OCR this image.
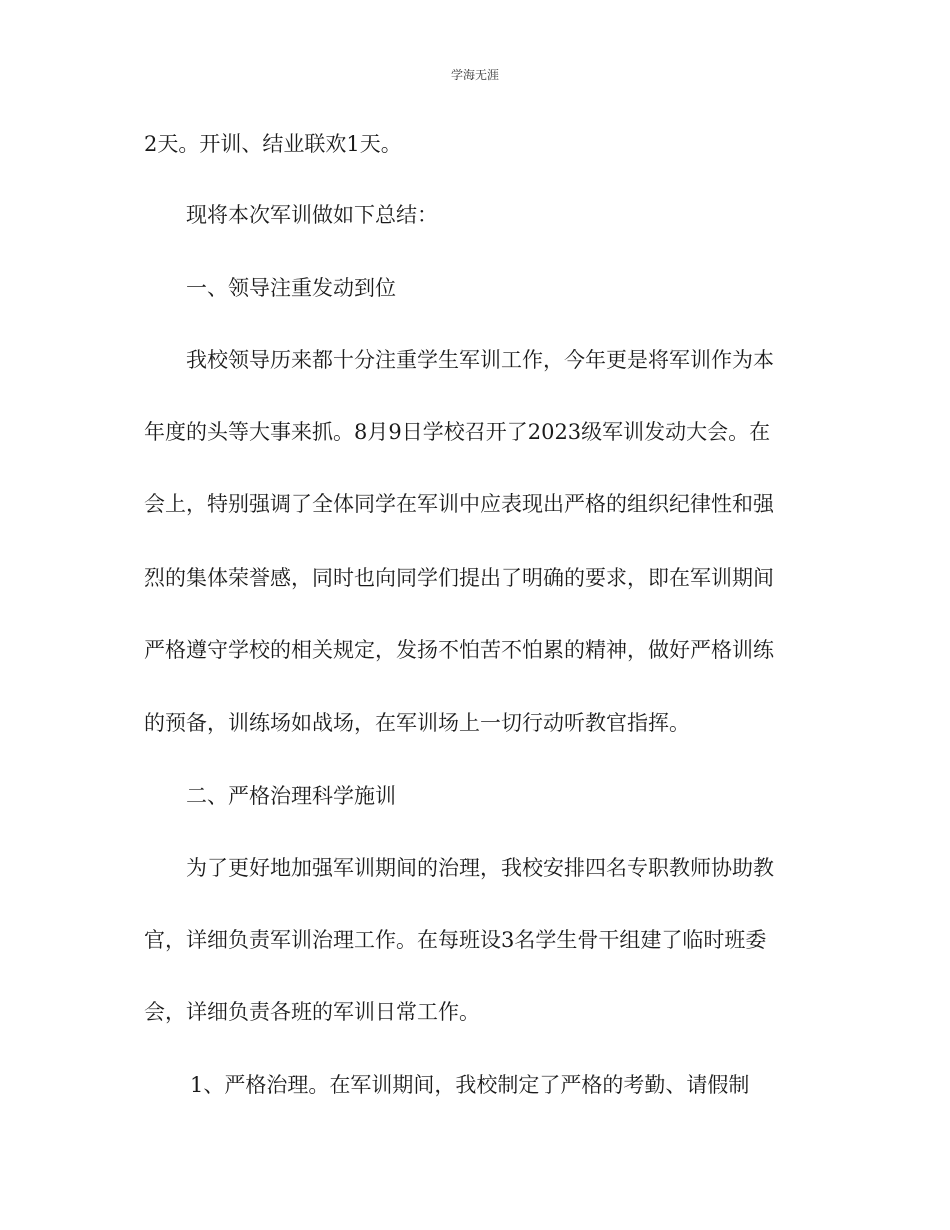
学海无涯
2天。开训、结业联欢1天。
现将本次军训做如下总结：
一、领导注重发动到位
我校领导历来都十分注重学生军训工作，今年更是将军训作为本
年度的头等大事来抓。8月9日学校召开了2023级军训发动大会。在
会上，特别强调了全体同学在军训中应表现出严格的组织纪律性和强
烈的集体荣誉感，同时也向同学们提出了明确的要求，即在军训期间
严格遵守学校的相关规定，发扬不怕苦不怕累的精神，做好严格训练
的预备，训练场如战场，在军训场上一切行动听教官指挥。
二、严格治理科学施训
为了更好地加强军训期间的治理，我校安排四名专职教师协助教
官，详细负责军训治理工作。在每班设3名学生骨干组建了临时班委
会，详细负责各班的军训日常工作。
1、严格治理。在军训期间，我校制定了严格的考勤、请假制
